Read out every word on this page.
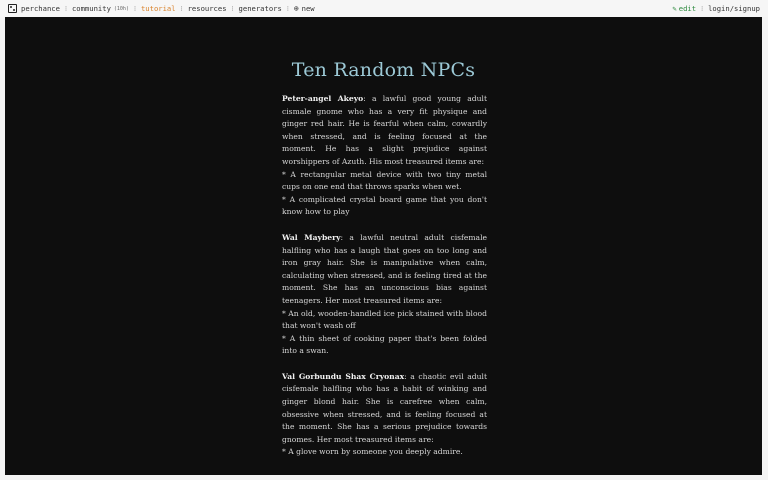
perchance ⁞ community (10h) ⁞ tutorial ⁞ resources ⁞ generators ⁞ ⊕ new	✎ edit ⁞ login/signup
Ten Random NPCs
Peter-angel Akeyo: a lawful good young adult cismale gnome who has a very fit physique and ginger red hair. He is fearful when calm, cowardly when stressed, and is feeling focused at the moment. He has a slight prejudice against worshippers of Azuth. His most treasured items are:
* A rectangular metal device with two tiny metal cups on one end that throws sparks when wet.
* A complicated crystal board game that you don't know how to play
Wal Maybery: a lawful neutral adult cisfemale halfling who has a laugh that goes on too long and iron gray hair. She is manipulative when calm, calculating when stressed, and is feeling tired at the moment. She has an unconscious bias against teenagers. Her most treasured items are:
* An old, wooden-handled ice pick stained with blood that won't wash off
* A thin sheet of cooking paper that's been folded into a swan.
Val Gorbundu Shax Cryonax: a chaotic evil adult cisfemale halfling who has a habit of winking and ginger blond hair. She is carefree when calm, obsessive when stressed, and is feeling focused at the moment. She has a serious prejudice towards gnomes. Her most treasured items are:
* A glove worn by someone you deeply admire.
